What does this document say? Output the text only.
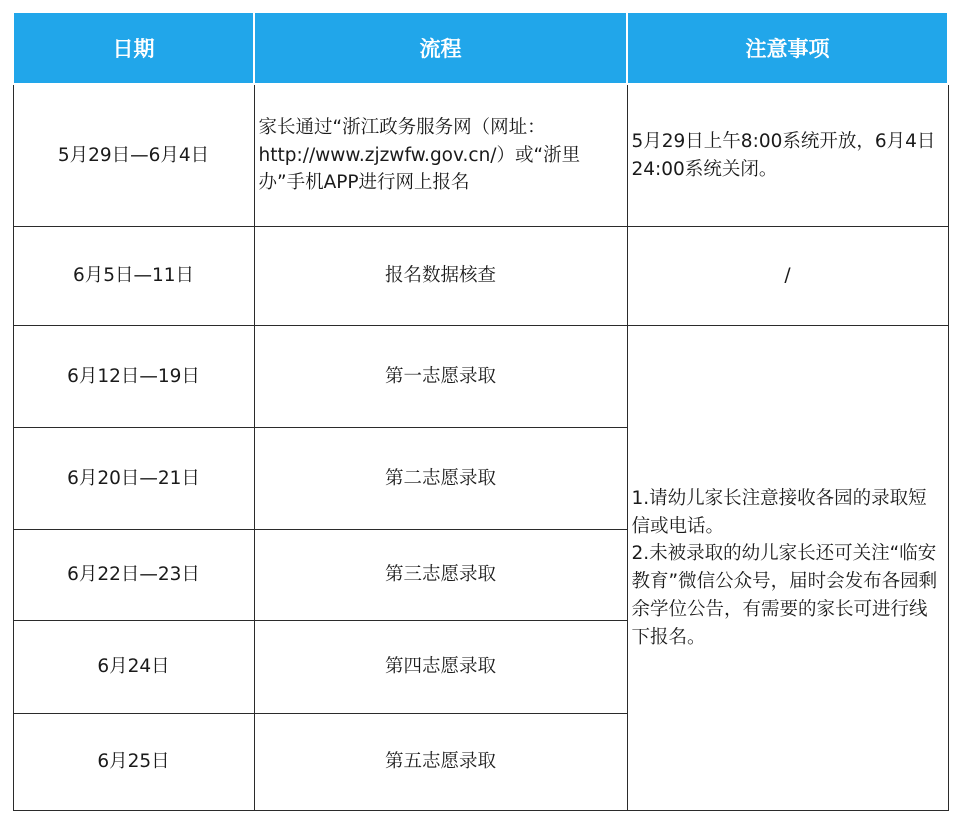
日期	流程	注意事项
5月29日—6月4日	家长通过“浙江政务服务网（网址：http://www.zjzwfw.gov.cn/）或“浙里办”手机APP进行网上报名	5月29日上午8:00系统开放，6月4日24:00系统关闭。
6月5日—11日	报名数据核查	/
6月12日—19日	第一志愿录取	1.请幼儿家长注意接收各园的录取短信或电话。
2.未被录取的幼儿家长还可关注“临安教育”微信公众号，届时会发布各园剩余学位公告，有需要的家长可进行线下报名。

6月20日—21日	第二志愿录取	
6月22日—23日	第三志愿录取	
6月24日	第四志愿录取	
6月25日	第五志愿录取	
